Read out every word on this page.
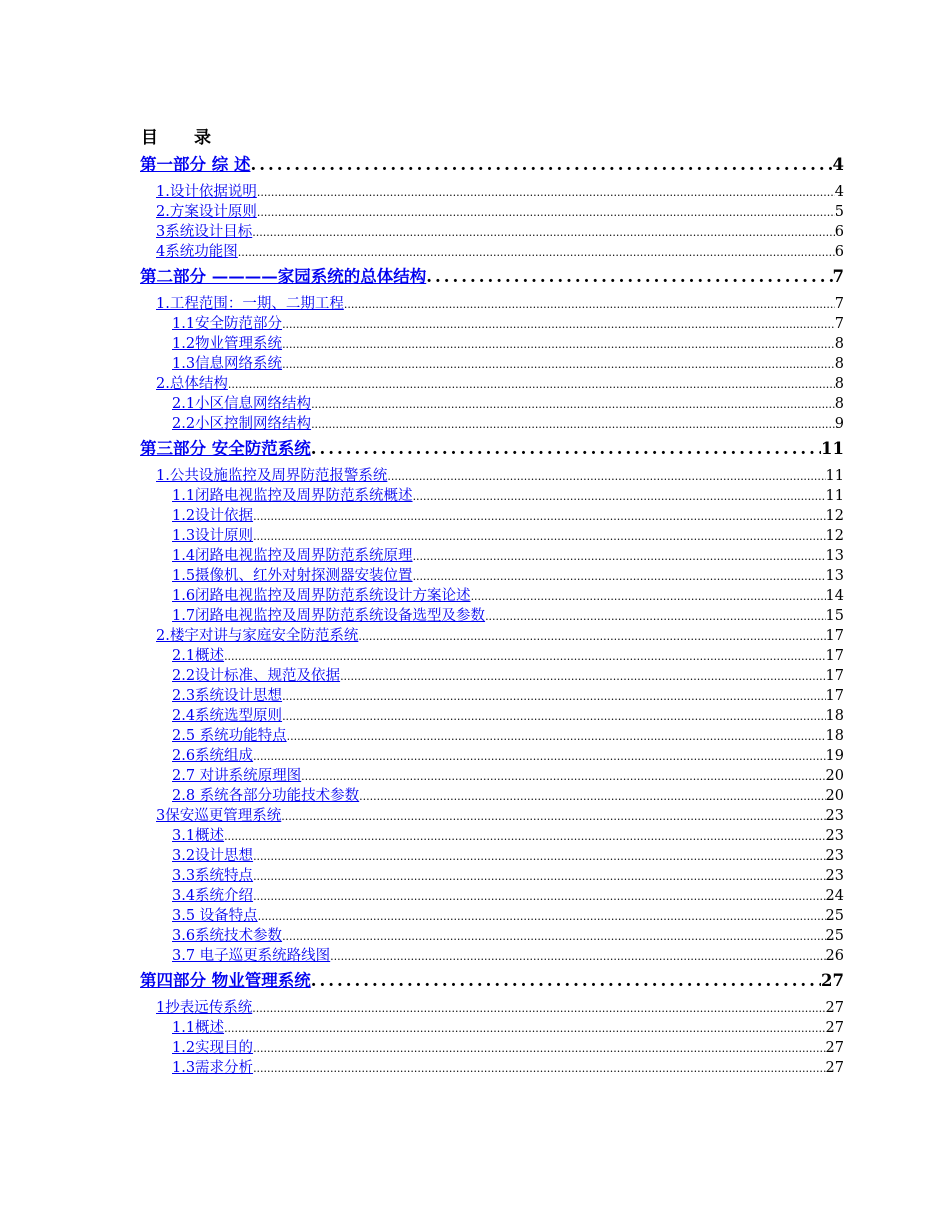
目 录
第一部分 综 述 .....	4
1.设计依据说明 .....	4
2.方案设计原则 .....	5
3系统设计目标 .....	6
4系统功能图 .....	6
第二部分 ————家园系统的总体结构 .....	7
1.工程范围：一期、二期工程 .....	7
1.1安全防范部分 .....	7
1.2物业管理系统 .....	8
1.3信息网络系统 .....	8
2.总体结构 .....	8
2.1小区信息网络结构 .....	8
2.2小区控制网络结构 .....	9
第三部分 安全防范系统 .....	11
1.公共设施监控及周界防范报警系统 .....	11
1.1闭路电视监控及周界防范系统概述 .....	11
1.2设计依据 .....	12
1.3设计原则 .....	12
1.4闭路电视监控及周界防范系统原理 .....	13
1.5摄像机、红外对射探测器安装位置 .....	13
1.6闭路电视监控及周界防范系统设计方案论述 .....	14
1.7闭路电视监控及周界防范系统设备选型及参数 .....	15
2.楼宇对讲与家庭安全防范系统 .....	17
2.1概述 .....	17
2.2设计标准、规范及依据 .....	17
2.3系统设计思想 .....	17
2.4系统选型原则 .....	18
2.5 系统功能特点 .....	18
2.6系统组成 .....	19
2.7 对讲系统原理图 .....	20
2.8 系统各部分功能技术参数 .....	20
3保安巡更管理系统 .....	23
3.1概述 .....	23
3.2设计思想 .....	23
3.3系统特点 .....	23
3.4系统介绍 .....	24
3.5 设备特点 .....	25
3.6系统技术参数 .....	25
3.7 电子巡更系统路线图 .....	26
第四部分 物业管理系统 .....	27
1抄表远传系统 .....	27
1.1概述 .....	27
1.2实现目的 .....	27
1.3需求分析 .....	27
